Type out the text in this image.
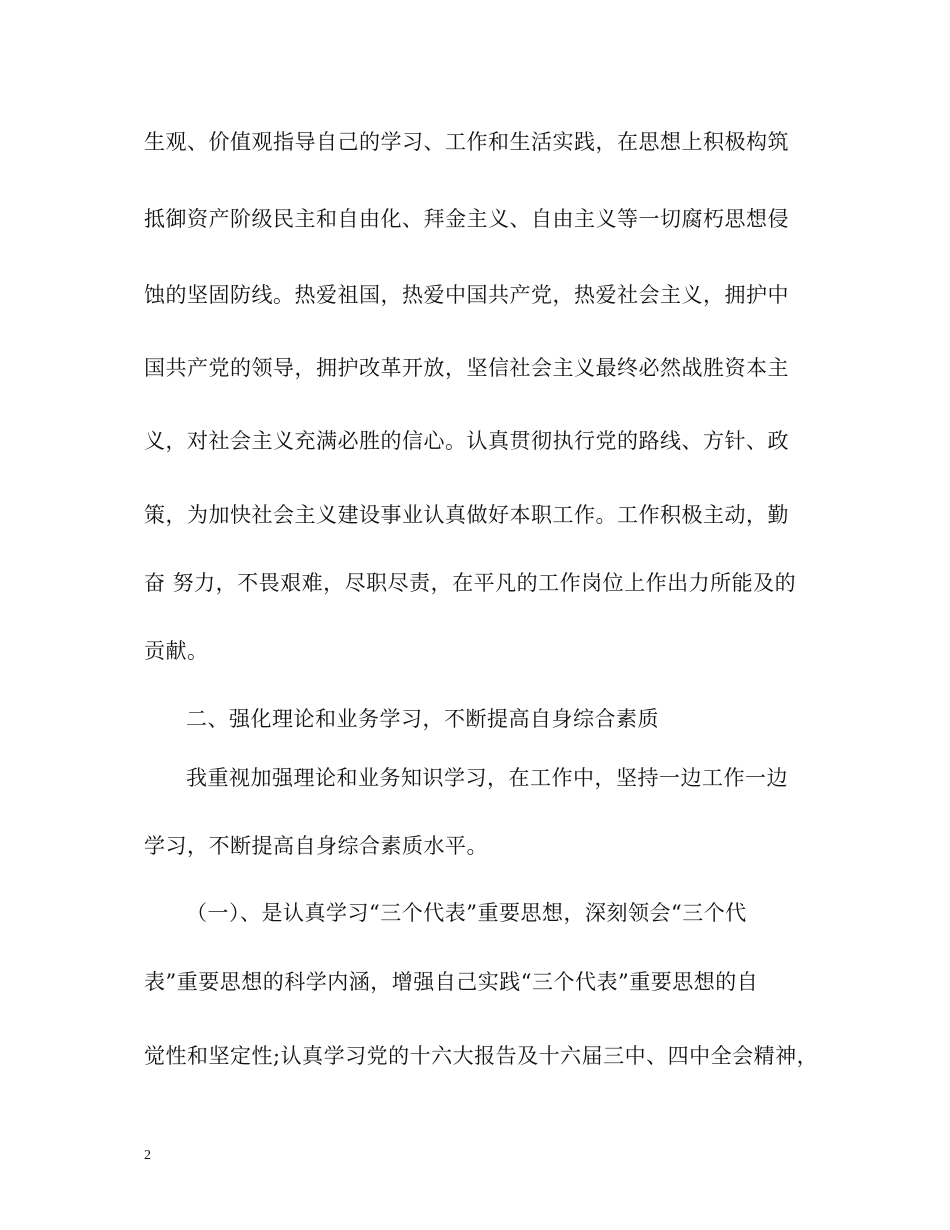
生观、价值观指导自己的学习、工作和生活实践，在思想上积极构筑
抵御资产阶级民主和自由化、拜金主义、自由主义等一切腐朽思想侵
蚀的坚固防线。热爱祖国，热爱中国共产党，热爱社会主义，拥护中
国共产党的领导，拥护改革开放，坚信社会主义最终必然战胜资本主
义，对社会主义充满必胜的信心。认真贯彻执行党的路线、方针、政
策，为加快社会主义建设事业认真做好本职工作。工作积极主动，勤
奋 努力，不畏艰难，尽职尽责，在平凡的工作岗位上作出力所能及的
贡献。
二、强化理论和业务学习，不断提高自身综合素质
我重视加强理论和业务知识学习，在工作中，坚持一边工作一边
学习，不断提高自身综合素质水平。
（一）、是认真学习“三个代表”重要思想，深刻领会“三个代
表”重要思想的科学内涵，增强自己实践“三个代表”重要思想的自
觉性和坚定性;认真学习党的十六大报告及十六届三中、四中全会精神，
2
